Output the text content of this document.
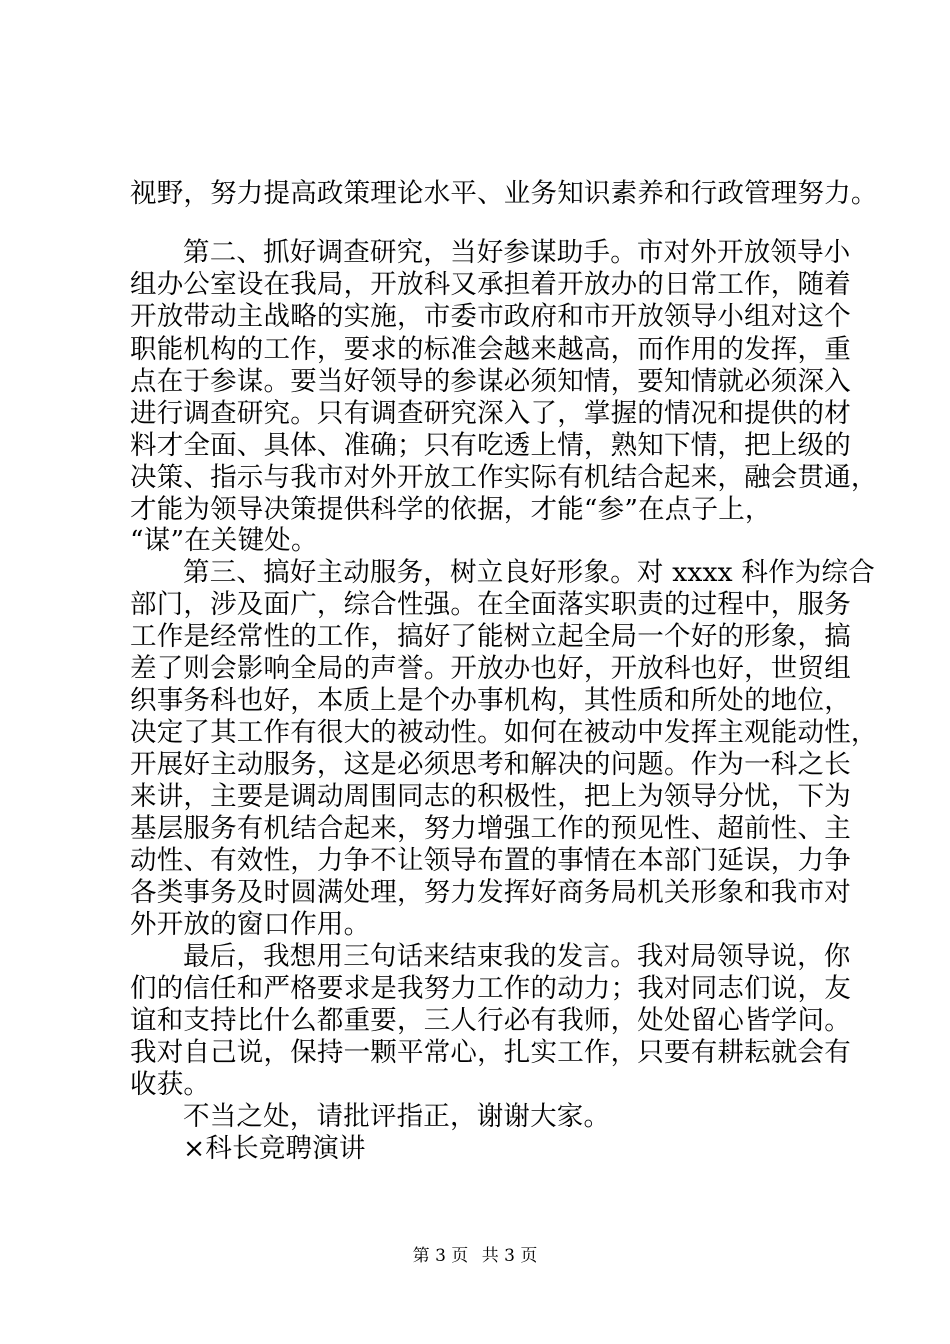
视野，努力提高政策理论水平、业务知识素养和行政管理努力。
第二、抓好调查研究，当好参谋助手。市对外开放领导小
组办公室设在我局，开放科又承担着开放办的日常工作，随着
开放带动主战略的实施，市委市政府和市开放领导小组对这个
职能机构的工作，要求的标准会越来越高，而作用的发挥，重
点在于参谋。要当好领导的参谋必须知情，要知情就必须深入
进行调查研究。只有调查研究深入了，掌握的情况和提供的材
料才全面、具体、准确；只有吃透上情，熟知下情，把上级的
决策、指示与我市对外开放工作实际有机结合起来，融会贯通，
才能为领导决策提供科学的依据，才能“参”在点子上，
“谋”在关键处。
第三、搞好主动服务，树立良好形象。对 xxxx 科作为综合
部门，涉及面广，综合性强。在全面落实职责的过程中，服务
工作是经常性的工作，搞好了能树立起全局一个好的形象，搞
差了则会影响全局的声誉。开放办也好，开放科也好，世贸组
织事务科也好，本质上是个办事机构，其性质和所处的地位，
决定了其工作有很大的被动性。如何在被动中发挥主观能动性，
开展好主动服务，这是必须思考和解决的问题。作为一科之长
来讲，主要是调动周围同志的积极性，把上为领导分忧，下为
基层服务有机结合起来，努力增强工作的预见性、超前性、主
动性、有效性，力争不让领导布置的事情在本部门延误，力争
各类事务及时圆满处理，努力发挥好商务局机关形象和我市对
外开放的窗口作用。
最后，我想用三句话来结束我的发言。我对局领导说，你
们的信任和严格要求是我努力工作的动力；我对同志们说，友
谊和支持比什么都重要，三人行必有我师，处处留心皆学问。
我对自己说，保持一颗平常心，扎实工作，只要有耕耘就会有
收获。
不当之处，请批评指正，谢谢大家。
×科长竞聘演讲
第 3 页 共 3 页
